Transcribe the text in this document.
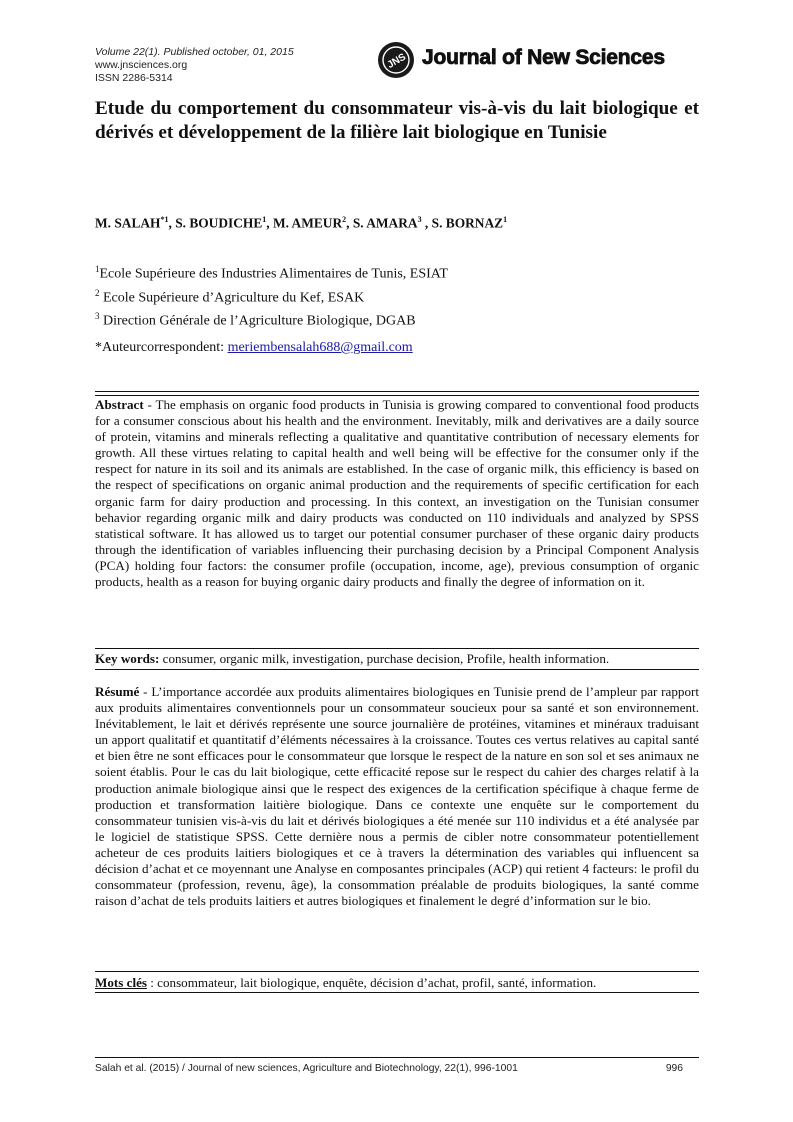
Volume 22(1). Published october, 01, 2015
www.jnsciences.org
ISSN 2286-5314
JNS Journal of New Sciences
Etude du comportement du consommateur vis-à-vis du lait biologique et dérivés et développement de la filière lait biologique en Tunisie
M. SALAH$^{*1}$, S. BOUDICHE$^1$, M. AMEUR$^2$, S. AMARA$^3$ , S. BORNAZ$^1$
$^1$Ecole Supérieure des Industries Alimentaires de Tunis, ESIAT
$^2$ Ecole Supérieure d’Agriculture du Kef, ESAK
$^3$ Direction Générale de l’Agriculture Biologique, DGAB
*Auteurcorrespondent: meriembensalah688@gmail.com

Abstract - The emphasis on organic food products in Tunisia is growing compared to conventional food products for a consumer conscious about his health and the environment. Inevitably, milk and derivatives are a daily source of protein, vitamins and minerals reflecting a qualitative and quantitative contribution of necessary elements for growth. All these virtues relating to capital health and well being will be effective for the consumer only if the respect for nature in its soil and its animals are established. In the case of organic milk, this efficiency is based on the respect of specifications on organic animal production and the requirements of specific certification for each organic farm for dairy production and processing. In this context, an investigation on the Tunisian consumer behavior regarding organic milk and dairy products was conducted on 110 individuals and analyzed by SPSS statistical software. It has allowed us to target our potential consumer purchaser of these organic dairy products through the identification of variables influencing their purchasing decision by a Principal Component Analysis (PCA) holding four factors: the consumer profile (occupation, income, age), previous consumption of organic products, health as a reason for buying organic dairy products and finally the degree of information on it.

Key words: consumer, organic milk, investigation, purchase decision, Profile, health information.

Résumé - L’importance accordée aux produits alimentaires biologiques en Tunisie prend de l’ampleur par rapport aux produits alimentaires conventionnels pour un consommateur soucieux pour sa santé et son environnement. Inévitablement, le lait et dérivés représente une source journalière de protéines, vitamines et minéraux traduisant un apport qualitatif et quantitatif d’éléments nécessaires à la croissance. Toutes ces vertus relatives au capital santé et bien être ne sont efficaces pour le consommateur que lorsque le respect de la nature en son sol et ses animaux ne soient établis. Pour le cas du lait biologique, cette efficacité repose sur le respect du cahier des charges relatif à la production animale biologique ainsi que le respect des exigences de la certification spécifique à chaque ferme de production et transformation laitière biologique. Dans ce contexte une enquête sur le comportement du consommateur tunisien vis-à-vis du lait et dérivés biologiques a été menée sur 110 individus et a été analysée par le logiciel de statistique SPSS. Cette dernière nous a permis de cibler notre consommateur potentiellement acheteur de ces produits laitiers biologiques et ce à travers la détermination des variables qui influencent sa décision d’achat et ce moyennant une Analyse en composantes principales (ACP) qui retient 4 facteurs: le profil du consommateur (profession, revenu, âge), la consommation préalable de produits biologiques, la santé comme raison d’achat de tels produits laitiers et autres biologiques et finalement le degré d’information sur le bio.

Mots clés : consommateur, lait biologique, enquête, décision d’achat, profil, santé, information.
Salah et al. (2015) / Journal of new sciences, Agriculture and Biotechnology, 22(1), 996-1001	996
